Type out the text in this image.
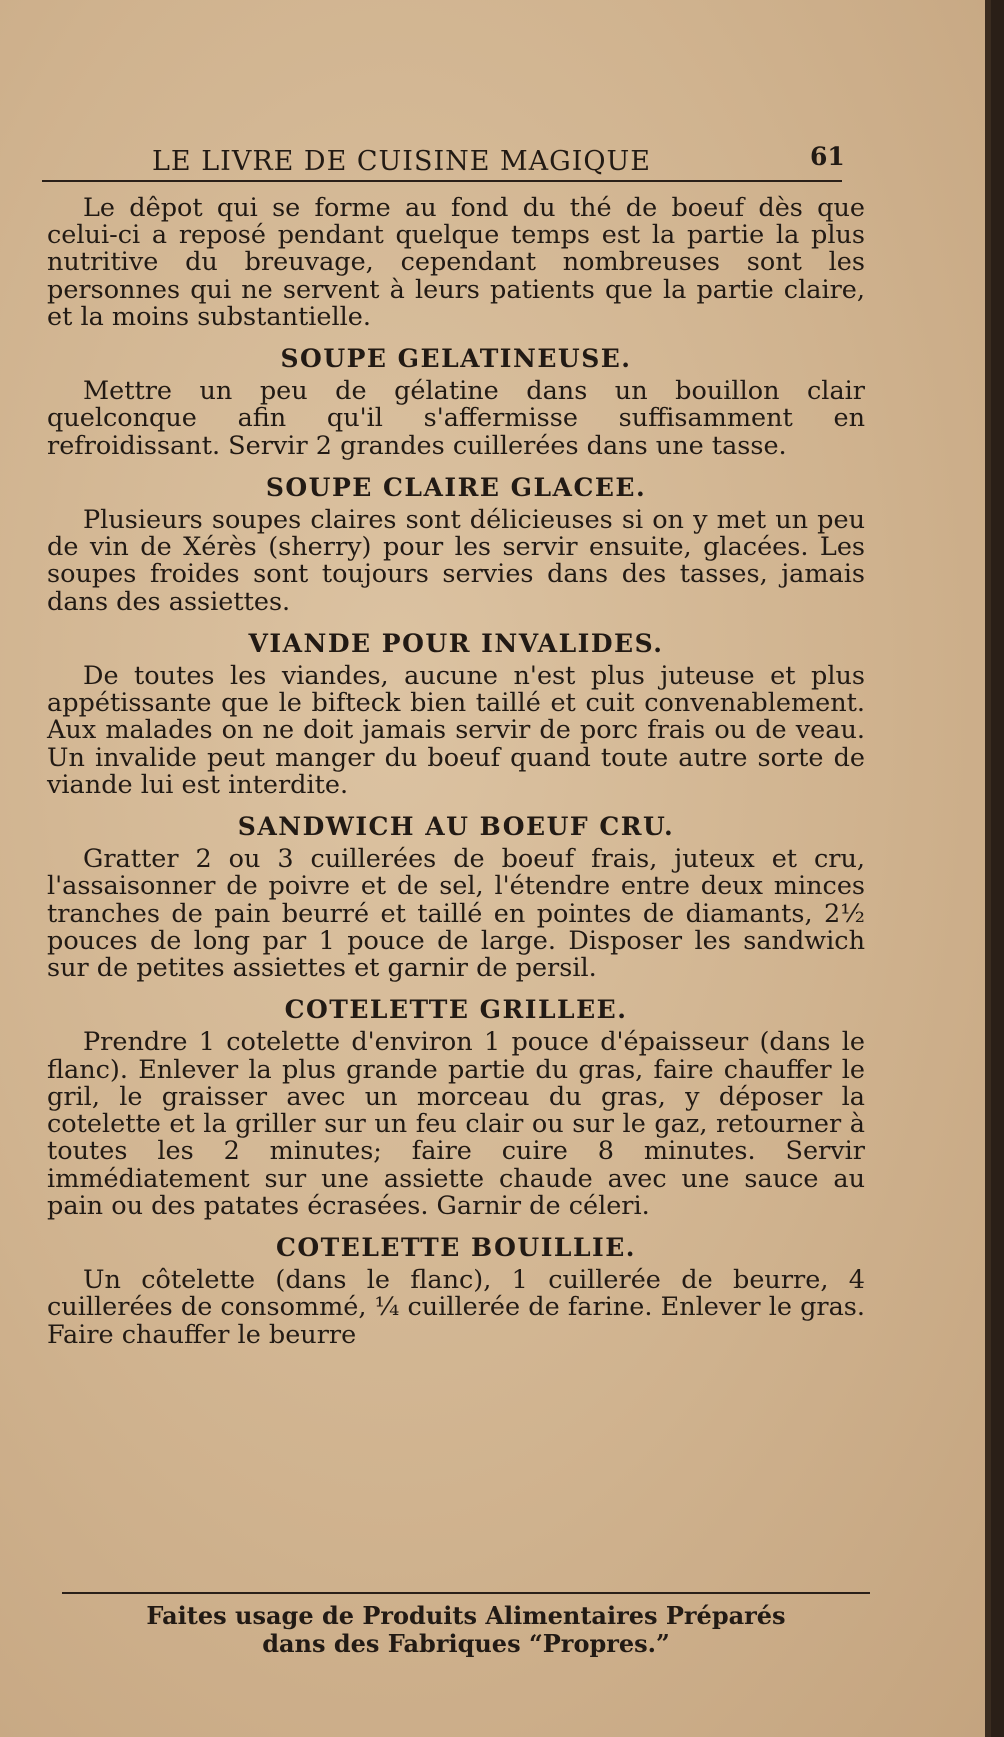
LE LIVRE DE CUISINE MAGIQUE	61

Le dêpot qui se forme au fond du thé de boeuf dès que celui-ci a reposé pendant quelque temps est la partie la plus nutritive du breuvage, cependant nombreuses sont les personnes qui ne servent à leurs patients que la partie claire, et la moins substantielle.

SOUPE GELATINEUSE.

Mettre un peu de gélatine dans un bouillon clair quelconque afin qu'il s'affermisse suffisamment en refroidissant. Servir 2 grandes cuillerées dans une tasse.

SOUPE CLAIRE GLACEE.

Plusieurs soupes claires sont délicieuses si on y met un peu de vin de Xérès (sherry) pour les servir ensuite, glacées. Les soupes froides sont toujours servies dans des tasses, jamais dans des assiettes.

VIANDE POUR INVALIDES.

De toutes les viandes, aucune n'est plus juteuse et plus appétissante que le bifteck bien taillé et cuit convenablement. Aux malades on ne doit jamais servir de porc frais ou de veau. Un invalide peut manger du boeuf quand toute autre sorte de viande lui est interdite.

SANDWICH AU BOEUF CRU.

Gratter 2 ou 3 cuillerées de boeuf frais, juteux et cru, l'assaisonner de poivre et de sel, l'étendre entre deux minces tranches de pain beurré et taillé en pointes de diamants, 2½ pouces de long par 1 pouce de large. Disposer les sandwich sur de petites assiettes et garnir de persil.

COTELETTE GRILLEE.

Prendre 1 cotelette d'environ 1 pouce d'épaisseur (dans le flanc). Enlever la plus grande partie du gras, faire chauffer le gril, le graisser avec un morceau du gras, y déposer la cotelette et la griller sur un feu clair ou sur le gaz, retourner à toutes les 2 minutes; faire cuire 8 minutes. Servir immédiatement sur une assiette chaude avec une sauce au pain ou des patates écrasées. Garnir de céleri.

COTELETTE BOUILLIE.

Un côtelette (dans le flanc), 1 cuillerée de beurre, 4 cuillerées de consommé, ¼ cuillerée de farine. Enlever le gras. Faire chauffer le beurre

Faites usage de Produits Alimentaires Préparés
dans des Fabriques “Propres.”
